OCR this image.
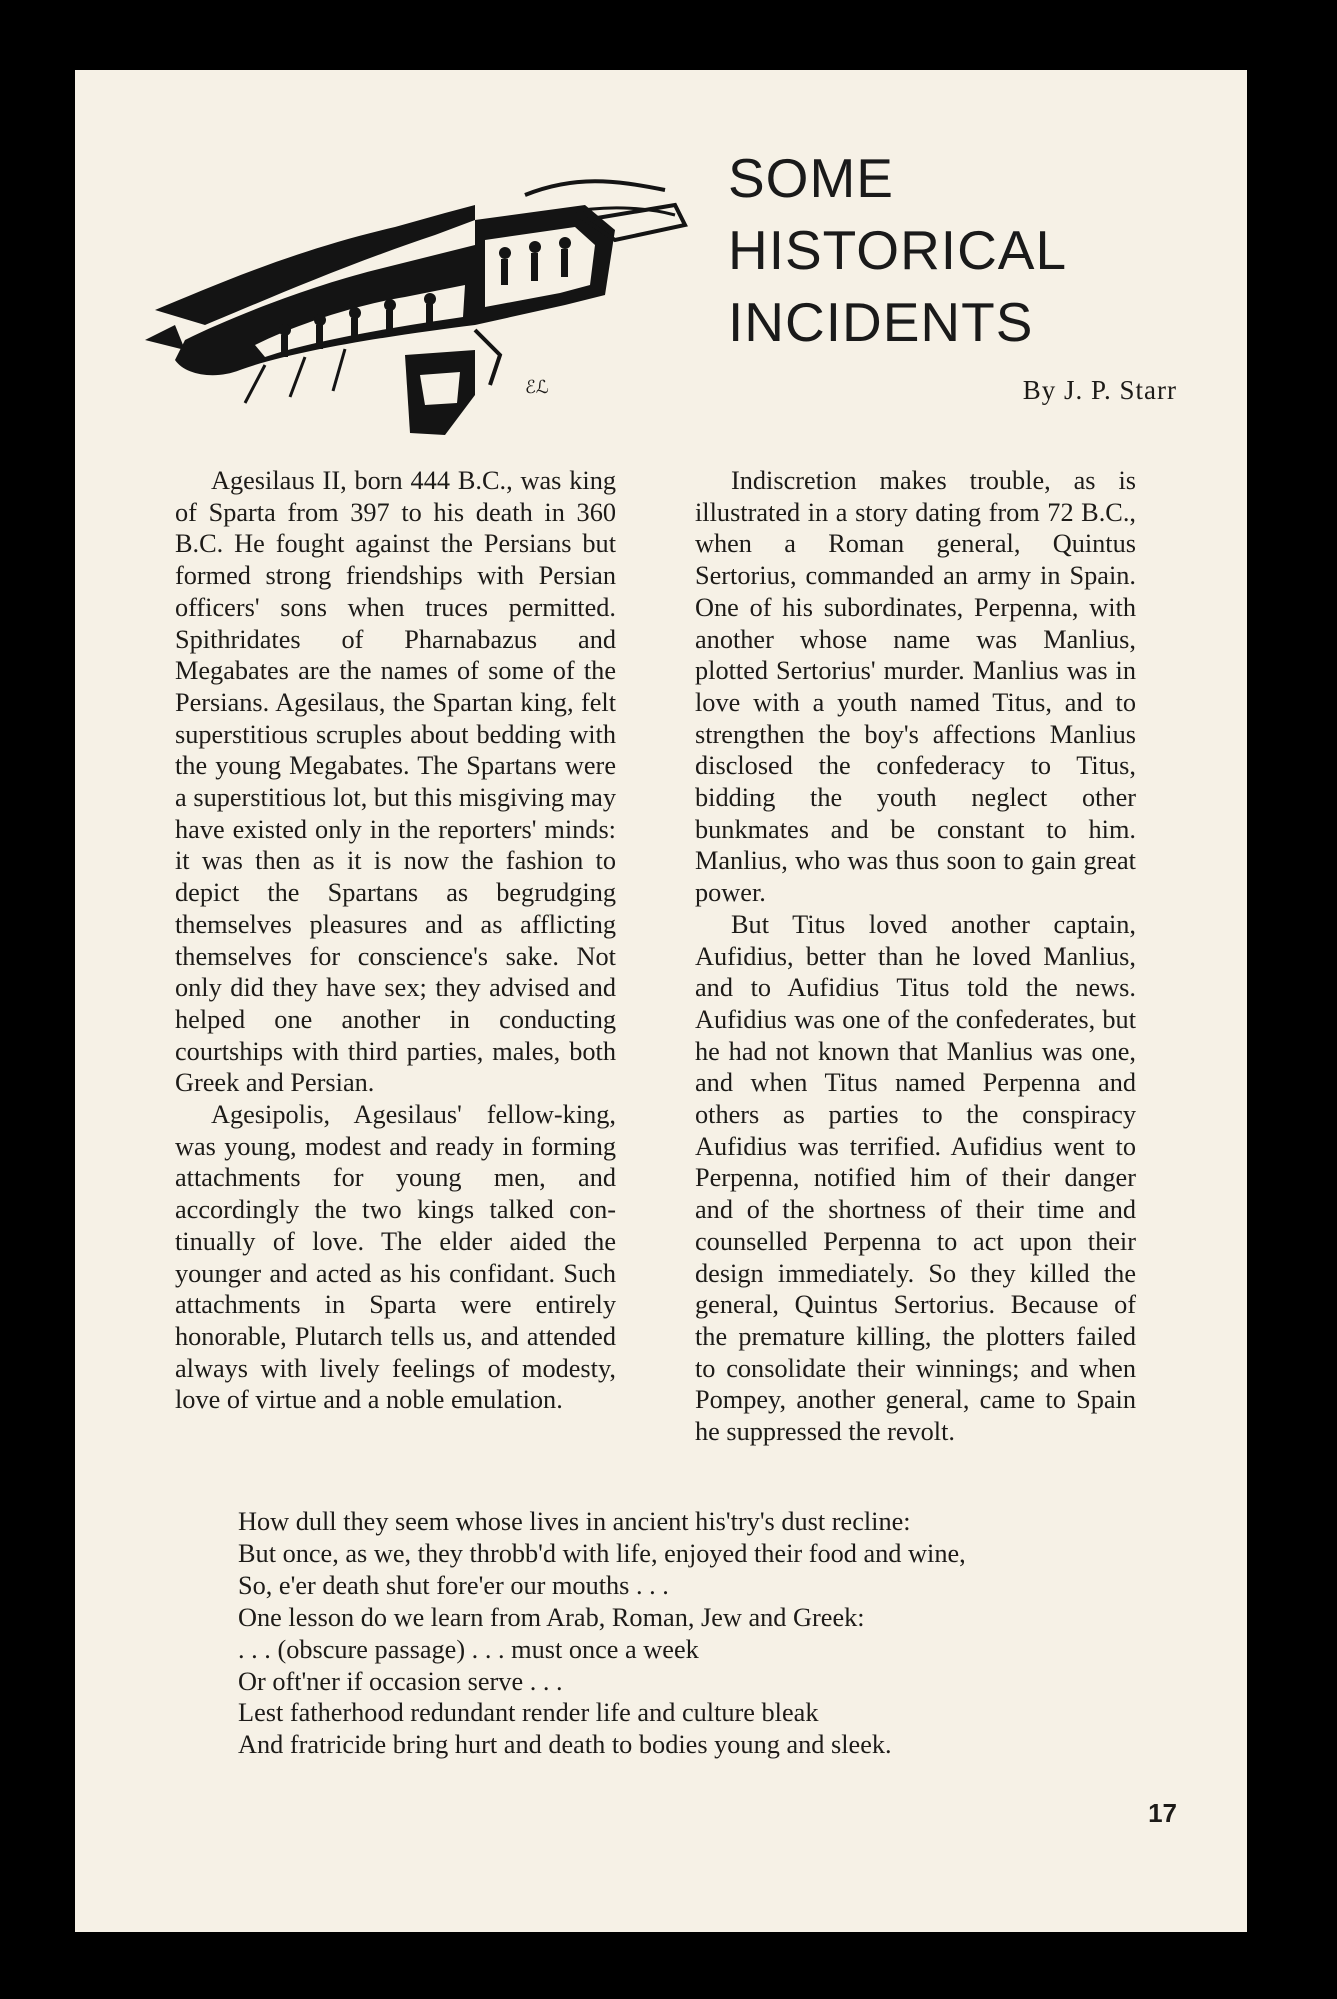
ℰℒ
SOME
HISTORICAL
INCIDENTS
By J. P. Starr

Agesilaus II, born 444 B.C., was king of Sparta from 397 to his death in 360 B.C. He fought against the Persians but formed strong friendships with Persian officers' sons when truces permitted. Spithridates of Pharnabazus and Megabates are the names of some of the Persians. Agesilaus, the Spartan king, felt superstitious scruples about bedding with the young Megabates. The Spartans were a superstitious lot, but this misgiving may have existed only in the reporters' minds: it was then as it is now the fashion to depict the Spartans as begrudging themselves pleasures and as afflicting themselves for conscience's sake. Not only did they have sex; they advised and helped one another in conducting courtships with third parties, males, both Greek and Persian.

Agesipolis, Agesilaus' fellow-king, was young, modest and ready in forming attachments for young men, and accordingly the two kings talked continually of love. The elder aided the younger and acted as his confidant. Such attachments in Sparta were entirely honorable, Plutarch tells us, and attended always with lively feelings of modesty, love of virtue and a noble emulation.

Indiscretion makes trouble, as is illustrated in a story dating from 72 B.C., when a Roman general, Quintus Sertorius, commanded an army in Spain. One of his subordinates, Perpenna, with another whose name was Manlius, plotted Sertorius' murder. Manlius was in love with a youth named Titus, and to strengthen the boy's affections Manlius disclosed the confederacy to Titus, bidding the youth neglect other bunkmates and be constant to him. Manlius, who was thus soon to gain great power.

But Titus loved another captain, Aufidius, better than he loved Manlius, and to Aufidius Titus told the news. Aufidius was one of the confederates, but he had not known that Manlius was one, and when Titus named Perpenna and others as parties to the conspiracy Aufidius was terrified. Aufidius went to Perpenna, notified him of their danger and of the shortness of their time and counselled Perpenna to act upon their design immediately. So they killed the general, Quintus Sertorius. Because of the premature killing, the plotters failed to consolidate their winnings; and when Pompey, another general, came to Spain he suppressed the revolt.

How dull they seem whose lives in ancient his'try's dust recline:
But once, as we, they throbb'd with life, enjoyed their food and wine,
So, e'er death shut fore'er our mouths . . .
One lesson do we learn from Arab, Roman, Jew and Greek:
. . . (obscure passage) . . . must once a week
Or oft'ner if occasion serve . . .
Lest fatherhood redundant render life and culture bleak
And fratricide bring hurt and death to bodies young and sleek.
17
